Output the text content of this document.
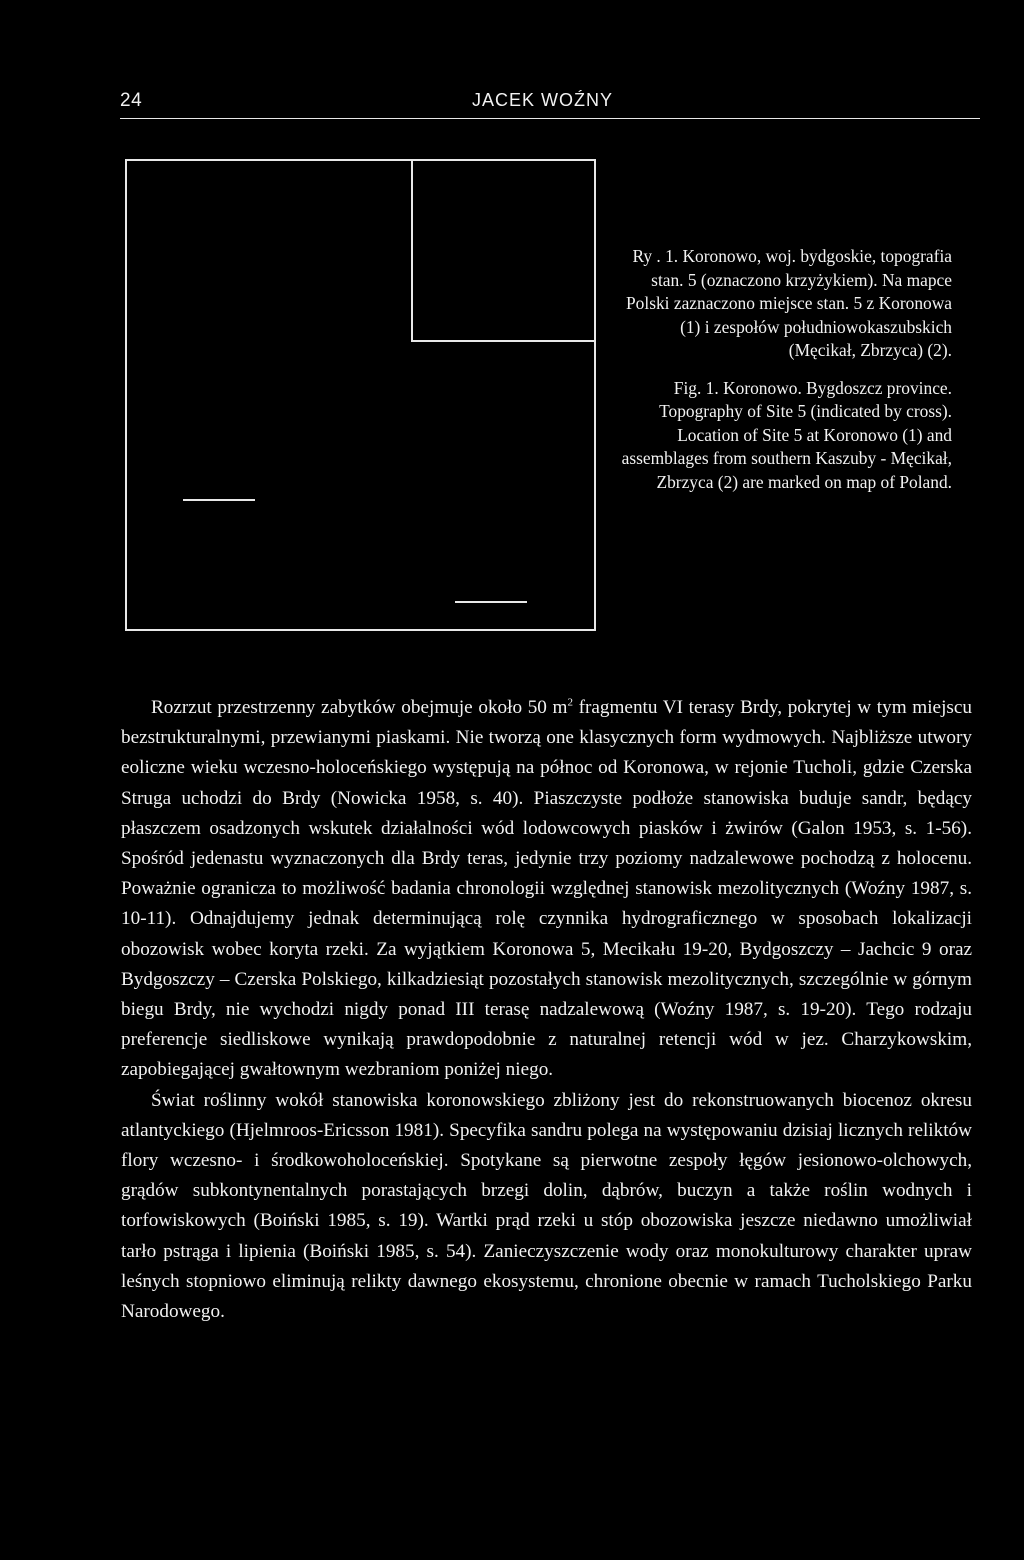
24	JACEK WOŹNY

Ry . 1. Koronowo, woj. bydgoskie, topografia stan. 5 (oznaczono krzyżykiem). Na mapce Polski zaznaczono miejsce stan. 5 z Koronowa (1) i zespołów południowokaszubskich (Męcikał, Zbrzyca) (2).

Fig. 1. Koronowo. Bygdoszcz province. Topography of Site 5 (indicated by cross). Location of Site 5 at Koronowo (1) and assemblages from southern Kaszuby - Męcikał, Zbrzyca (2) are marked on map of Poland.

Rozrzut przestrzenny zabytków obejmuje około 50 $m^2$ fragmentu VI terasy Brdy, pokrytej w tym miejscu bezstrukturalnymi, przewianymi piaskami. Nie tworzą one klasycznych form wydmowych. Najbliższe utwory eoliczne wieku wczesno-holoceńskiego występują na północ od Koronowa, w rejonie Tucholi, gdzie Czerska Struga uchodzi do Brdy (Nowicka 1958, s. 40). Piaszczyste podłoże stanowiska buduje sandr, będący płaszczem osadzonych wskutek działalności wód lodowcowych piasków i żwirów (Galon 1953, s. 1-56). Spośród jedenastu wyznaczonych dla Brdy teras, jedynie trzy poziomy nadzalewowe pochodzą z holocenu. Poważnie ogranicza to możliwość badania chronologii względnej stanowisk mezolitycznych (Woźny 1987, s. 10-11). Odnajdujemy jednak determinującą rolę czynnika hydrograficznego w sposobach lokalizacji obozowisk wobec koryta rzeki. Za wyjątkiem Koronowa 5, Mecikału 19-20, Bydgoszczy – Jachcic 9 oraz Bydgoszczy – Czerska Polskiego, kilkadziesiąt pozostałych stanowisk mezolitycznych, szczególnie w górnym biegu Brdy, nie wychodzi nigdy ponad III terasę nadzalewową (Woźny 1987, s. 19-20). Tego rodzaju preferencje siedliskowe wynikają prawdopodobnie z naturalnej retencji wód w jez. Charzykowskim, zapobiegającej gwałtownym wezbraniom poniżej niego.

Świat roślinny wokół stanowiska koronowskiego zbliżony jest do rekonstruowanych biocenoz okresu atlantyckiego (Hjelmroos-Ericsson 1981). Specyfika sandru polega na występowaniu dzisiaj licznych reliktów flory wczesno- i środkowoholoceńskiej. Spotykane są pierwotne zespoły łęgów jesionowo-olchowych, grądów subkontynentalnych porastających brzegi dolin, dąbrów, buczyn a także roślin wodnych i torfowiskowych (Boiński 1985, s. 19). Wartki prąd rzeki u stóp obozowiska jeszcze niedawno umożliwiał tarło pstrąga i lipienia (Boiński 1985, s. 54). Zanieczyszczenie wody oraz monokulturowy charakter upraw leśnych stopniowo eliminują relikty dawnego ekosystemu, chronione obecnie w ramach Tucholskiego Parku Narodowego.
